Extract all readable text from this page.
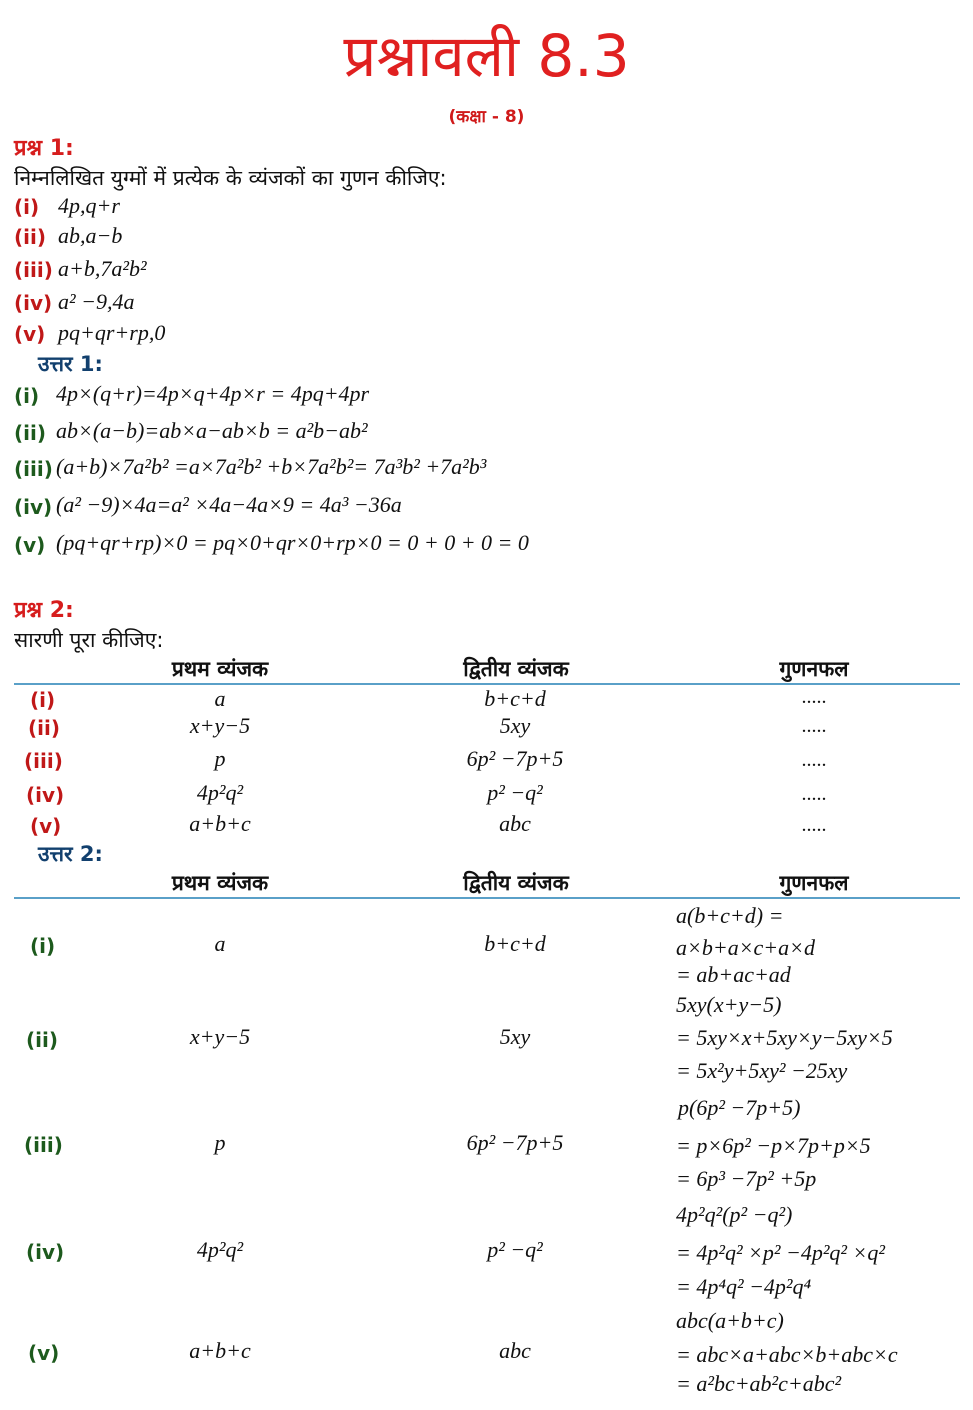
प्रश्नावली 8.3
(कक्षा - 8)
प्रश्न 1:
निम्नलिखित युग्मों में प्रत्येक के व्यंजकों का गुणन कीजिए:
(i) 4p,q+r
(ii) ab,a−b
(iii) a+b,7a²b²
(iv) a² −9,4a
(v) pq+qr+rp,0
उत्तर 1:
(i) 4p×(q+r)=4p×q+4p×r = 4pq+4pr
(ii) ab×(a−b)=ab×a−ab×b = a²b−ab²
(iii) (a+b)×7a²b² =a×7a²b² +b×7a²b²= 7a³b² +7a²b³
(iv) (a² −9)×4a=a² ×4a−4a×9 = 4a³ −36a
(v) (pq+qr+rp)×0 = pq×0+qr×0+rp×0 = 0 + 0 + 0 = 0
प्रश्न 2:
सारणी पूरा कीजिए:
प्रथम व्यंजक	द्वितीय व्यंजक	गुणनफल
(i)	a	b+c+d	.....
(ii)	x+y−5	5xy	.....
(iii)	p	6p² −7p+5	.....
(iv)	4p²q²	p² −q²	.....
(v)	a+b+c	abc	.....
उत्तर 2:
प्रथम व्यंजक	द्वितीय व्यंजक	गुणनफल
(i)	a	b+c+d
a(b+c+d) =
a×b+a×c+a×d
= ab+ac+ad
(ii)	x+y−5	5xy
5xy(x+y−5)
= 5xy×x+5xy×y−5xy×5
= 5x²y+5xy² −25xy
(iii)	p	6p² −7p+5
p(6p² −7p+5)
= p×6p² −p×7p+p×5
= 6p³ −7p² +5p
(iv)	4p²q²	p² −q²
4p²q²(p² −q²)
= 4p²q² ×p² −4p²q² ×q²
= 4p⁴q² −4p²q⁴
(v)	a+b+c	abc
abc(a+b+c)
= abc×a+abc×b+abc×c
= a²bc+ab²c+abc²
